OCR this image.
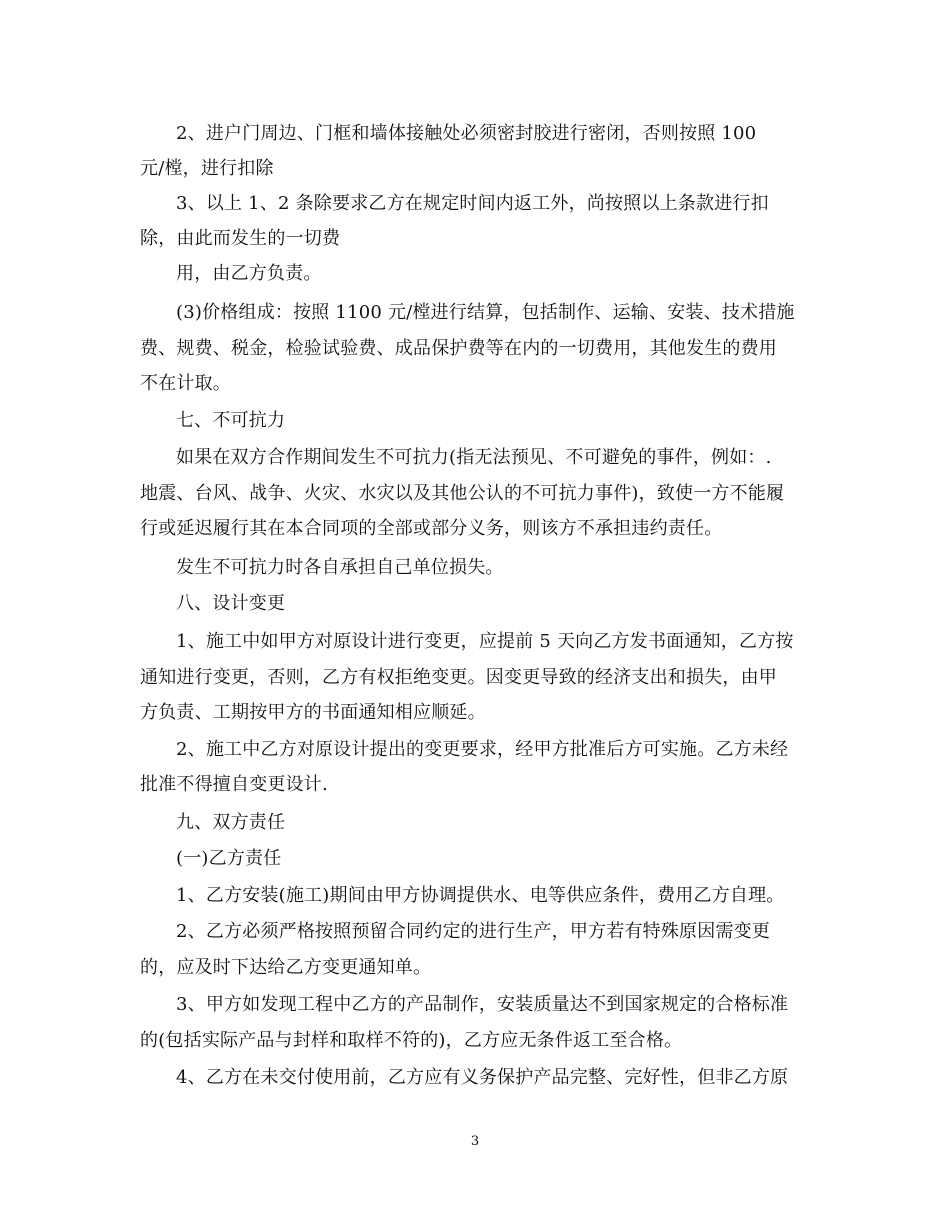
2、进户门周边、门框和墙体接触处必须密封胶进行密闭，否则按照 100
元/樘，进行扣除
3、以上 1、2 条除要求乙方在规定时间内返工外，尚按照以上条款进行扣
除，由此而发生的一切费
用，由乙方负责。
(3)价格组成：按照 1100 元/樘进行结算，包括制作、运输、安装、技术措施
费、规费、税金，检验试验费、成品保护费等在内的一切费用，其他发生的费用
不在计取。
七、不可抗力
如果在双方合作期间发生不可抗力(指无法预见、不可避免的事件，例如：.
地震、台风、战争、火灾、水灾以及其他公认的不可抗力事件)，致使一方不能履
行或延迟履行其在本合同项的全部或部分义务，则该方不承担违约责任。
发生不可抗力时各自承担自己单位损失。
八、设计变更
1、施工中如甲方对原设计进行变更，应提前 5 天向乙方发书面通知，乙方按
通知进行变更，否则，乙方有权拒绝变更。因变更导致的经济支出和损失，由甲
方负责、工期按甲方的书面通知相应顺延。
2、施工中乙方对原设计提出的变更要求，经甲方批准后方可实施。乙方未经
批准不得擅自变更设计.
九、双方责任
(一)乙方责任
1、乙方安装(施工)期间由甲方协调提供水、电等供应条件，费用乙方自理。
2、乙方必须严格按照预留合同约定的进行生产，甲方若有特殊原因需变更
的，应及时下达给乙方变更通知单。
3、甲方如发现工程中乙方的产品制作，安装质量达不到国家规定的合格标准
的(包括实际产品与封样和取样不符的)，乙方应无条件返工至合格。
4、乙方在未交付使用前，乙方应有义务保护产品完整、完好性，但非乙方原
3
